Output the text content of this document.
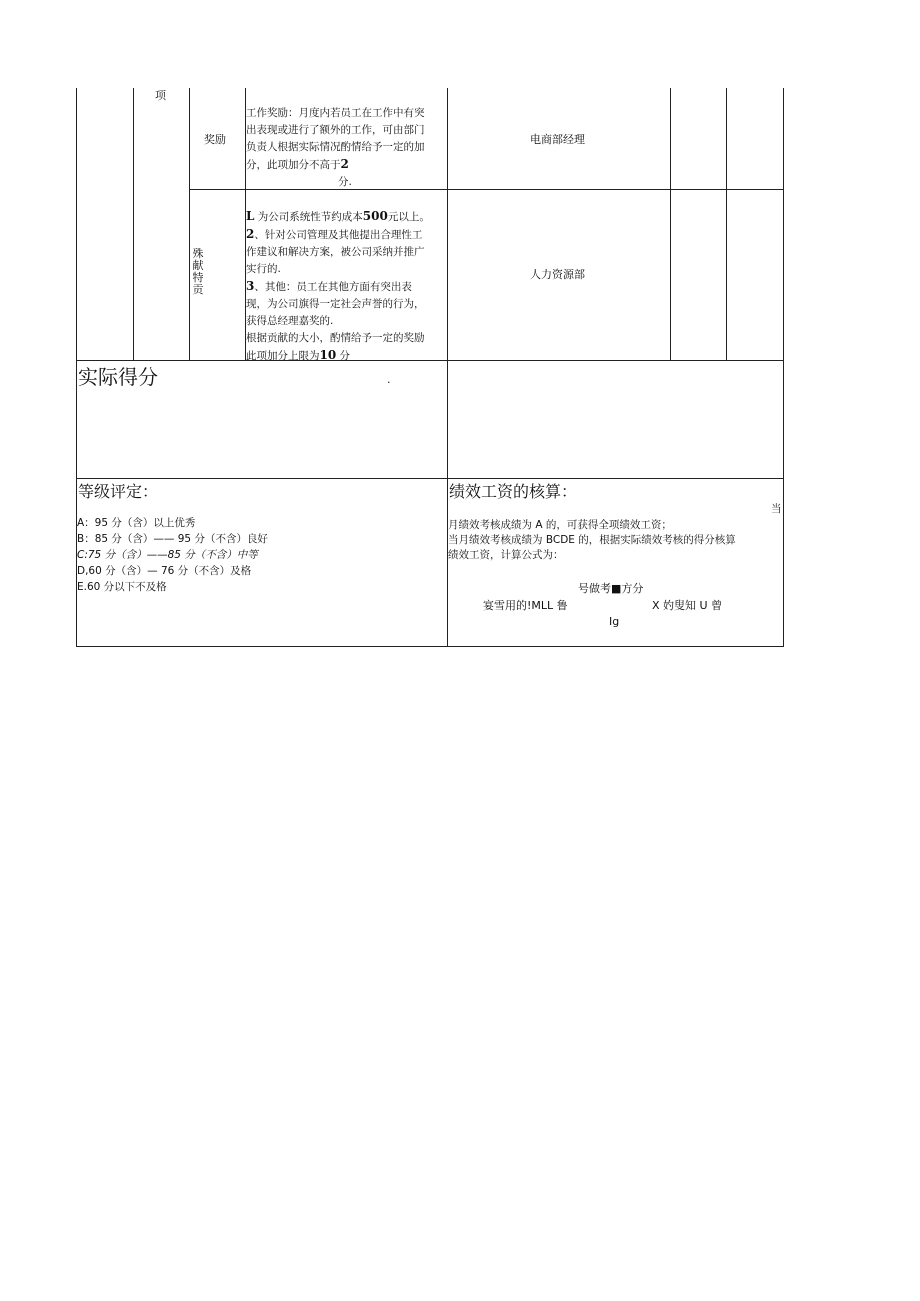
项
奖励
工作奖励：月度内若员工在工作中有突
出表现或进行了额外的工作，可由部门
负责人根据实际情况酌情给予一定的加
分，此项加分不高于2
分.
电商部经理
殊
献
特
贡
L 为公司系统性节约成本500元以上。
2、针对公司管理及其他提出合理性工
作建议和解决方案，被公司采纳并推广
实行的.
3、其他：员工在其他方面有突出表
现，为公司旗得一定社会声誉的行为，
获得总经理嘉奖的.
根据贡献的大小，酌情给予一定的奖励
此项加分上限为10 分
人力资源部
实际得分	.
等级评定：
A：95 分（含）以上优秀
B：85 分（含）—— 95 分（不含）良好
C:75 分（含）——85 分（不含）中等
D,60 分（含）— 76 分（不含）及格
E.60 分以下不及格
绩效工资的核算：
当
月绩效考核成绩为 A 的，可获得全项绩效工资；
当月绩效考核成绩为 BCDE 的，根据实际绩效考核的得分核算
绩效工资，计算公式为：
号做考■方分
宴雪用的!MLL 鲁	X 妁叟知 U 曾
Ig
